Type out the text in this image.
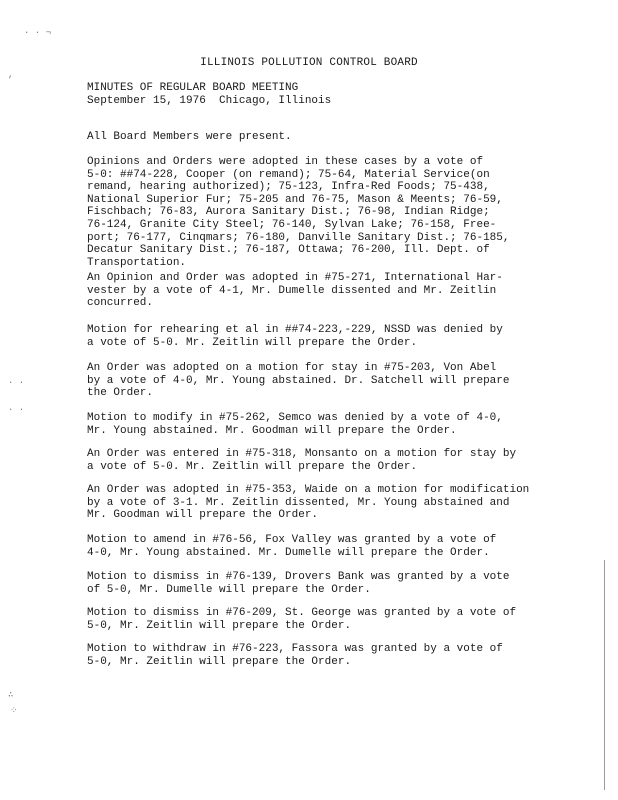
· · ¬
,
· ·
· ·
∴
⁘
ILLINOIS POLLUTION CONTROL BOARD
MINUTES OF REGULAR BOARD MEETING
September 15, 1976  Chicago, Illinois
All Board Members were present.
Opinions and Orders were adopted in these cases by a vote of
5-0: ##74-228, Cooper (on remand); 75-64, Material Service(on
remand, hearing authorized); 75-123, Infra-Red Foods; 75-438,
National Superior Fur; 75-205 and 76-75, Mason & Meents; 76-59,
Fischbach; 76-83, Aurora Sanitary Dist.; 76-98, Indian Ridge;
76-124, Granite City Steel; 76-140, Sylvan Lake; 76-158, Free-
port; 76-177, Cinqmars; 76-180, Danville Sanitary Dist.; 76-185,
Decatur Sanitary Dist.; 76-187, Ottawa; 76-200, Ill. Dept. of
Transportation.
An Opinion and Order was adopted in #75-271, International Har-
vester by a vote of 4-1, Mr. Dumelle dissented and Mr. Zeitlin
concurred.
Motion for rehearing et al in ##74-223,-229, NSSD was denied by
a vote of 5-0. Mr. Zeitlin will prepare the Order.
An Order was adopted on a motion for stay in #75-203, Von Abel
by a vote of 4-0, Mr. Young abstained. Dr. Satchell will prepare
the Order.
Motion to modify in #75-262, Semco was denied by a vote of 4-0,
Mr. Young abstained. Mr. Goodman will prepare the Order.
An Order was entered in #75-318, Monsanto on a motion for stay by
a vote of 5-0. Mr. Zeitlin will prepare the Order.
An Order was adopted in #75-353, Waide on a motion for modification
by a vote of 3-1. Mr. Zeitlin dissented, Mr. Young abstained and
Mr. Goodman will prepare the Order.
Motion to amend in #76-56, Fox Valley was granted by a vote of
4-0, Mr. Young abstained. Mr. Dumelle will prepare the Order.
Motion to dismiss in #76-139, Drovers Bank was granted by a vote
of 5-0, Mr. Dumelle will prepare the Order.
Motion to dismiss in #76-209, St. George was granted by a vote of
5-0, Mr. Zeitlin will prepare the Order.
Motion to withdraw in #76-223, Fassora was granted by a vote of
5-0, Mr. Zeitlin will prepare the Order.
